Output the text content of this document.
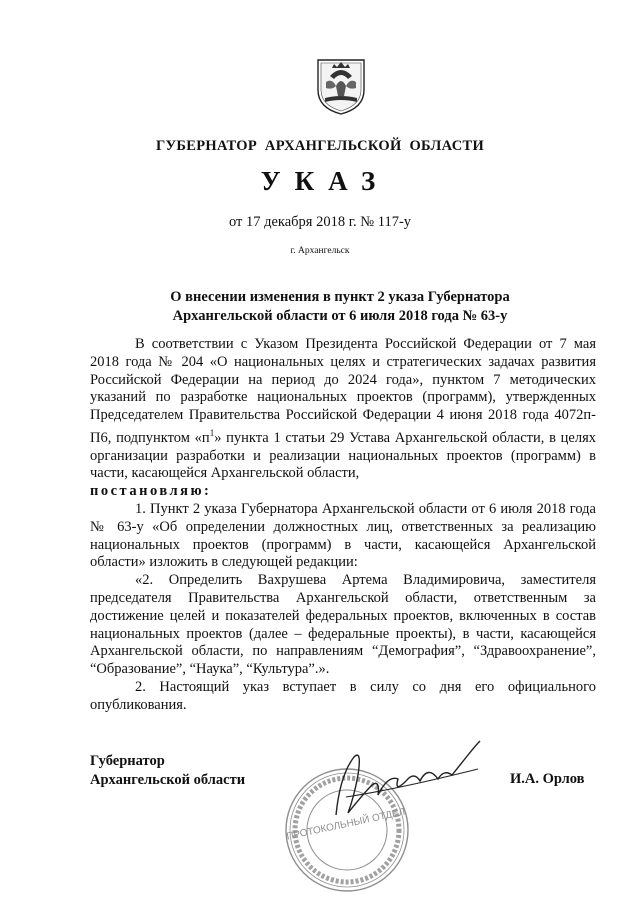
ГУБЕРНАТОР АРХАНГЕЛЬСКОЙ ОБЛАСТИ
УКАЗ
от 17 декабря 2018 г. № 117-у
г. Архангельск
О внесении изменения в пункт 2 указа Губернатора
Архангельской области от 6 июля 2018 года № 63-у

В соответствии с Указом Президента Российской Федерации от 7 мая 2018 года № 204 «О национальных целях и стратегических задачах развития Российской Федерации на период до 2024 года», пунктом 7 методических указаний по разработке национальных проектов (программ), утвержденных Председателем Правительства Российской Федерации 4 июня 2018 года 4072п-П6, подпунктом «$п^1$» пункта 1 статьи 29 Устава Архангельской области, в целях организации разработки и реализации национальных проектов (программ) в части, касающейся Архангельской области,

постановляю:

1. Пункт 2 указа Губернатора Архангельской области от 6 июля 2018 года № 63-у «Об определении должностных лиц, ответственных за реализацию национальных проектов (программ) в части, касающейся Архангельской области» изложить в следующей редакции:

«2. Определить Вахрушева Артема Владимировича, заместителя председателя Правительства Архангельской области, ответственным за достижение целей и показателей федеральных проектов, включенных в состав национальных проектов (далее – федеральные проекты), в части, касающейся Архангельской области, по направлениям “Демография”, “Здравоохранение”, “Образование”, “Наука”, “Культура”.».

2. Настоящий указ вступает в силу со дня его официального опубликования.

Губернатор
Архангельской области	И.А. Орлов
ПРОТОКОЛЬНЫЙ ОТДЕЛ
